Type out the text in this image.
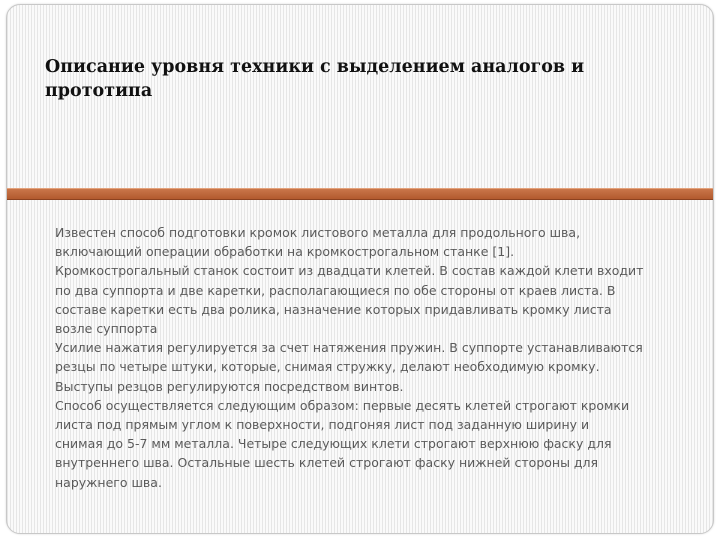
Описание уровня техники с выделением аналогов и
прототипа
Известен способ подготовки кромок листового металла для продольного шва,
включающий операции обработки на кромкострогальном станке [1].
Кромкострогальный станок состоит из двадцати клетей. В состав каждой клети входит
по два суппорта и две каретки, располагающиеся по обе стороны от краев листа. В
составе каретки есть два ролика, назначение которых придавливать кромку листа
возле суппорта
Усилие нажатия регулируется за счет натяжения пружин. В суппорте устанавливаются
резцы по четыре штуки, которые, снимая стружку, делают необходимую кромку.
Выступы резцов регулируются посредством винтов.
Способ осуществляется следующим образом: первые десять клетей строгают кромки
листа под прямым углом к поверхности, подгоняя лист под заданную ширину и
снимая до 5-7 мм металла. Четыре следующих клети строгают верхнюю фаску для
внутреннего шва. Остальные шесть клетей строгают фаску нижней стороны для
наружнего шва.
